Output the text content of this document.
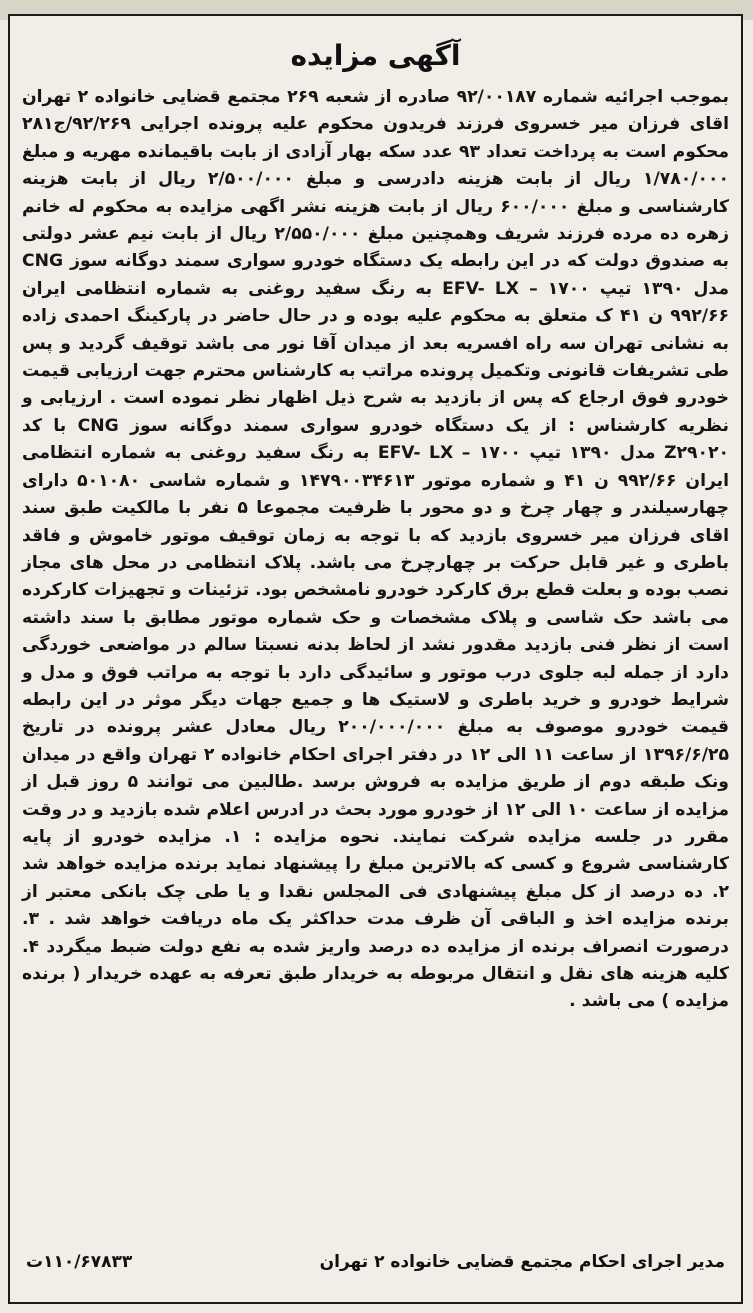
آگهی مزایده
بموجب اجرائیه شماره ۹۲/۰۰۱۸۷ صادره از شعبه ۲۶۹ مجتمع قضایی خانواده ۲ تهران اقای فرزان میر خسروی فرزند فریدون محکوم علیه پرونده اجرایی ۹۲/۲۶۹/ج۲۸۱ محکوم است به پرداخت تعداد ۹۳ عدد سکه بهار آزادی از بابت باقیمانده مهریه و مبلغ ۱/۷۸۰/۰۰۰ ریال از بابت هزینه دادرسی و مبلغ ۲/۵۰۰/۰۰۰ ریال از بابت هزینه کارشناسی و مبلغ ۶۰۰/۰۰۰ ریال از بابت هزینه نشر اگهی مزایده به محکوم له خانم زهره ده مرده فرزند شریف وهمچنین مبلغ ۲/۵۵۰/۰۰۰ ریال از بابت نیم عشر دولتی به صندوق دولت که در این رابطه یک دستگاه خودرو سواری سمند دوگانه سوز CNG مدل ۱۳۹۰ تیپ EFV- LX – ۱۷۰۰ به رنگ سفید روغنی به شماره انتظامی ایران ۹۹۲/۶۶ ن ۴۱ ک متعلق به محکوم علیه بوده و در حال حاضر در پارکینگ احمدی زاده به نشانی تهران سه راه افسریه بعد از میدان آقا نور می باشد توقیف گردید و پس طی تشریفات قانونی وتکمیل پرونده مراتب به کارشناس محترم جهت ارزیابی قیمت خودرو فوق ارجاع که پس از بازدید به شرح ذیل اظهار نظر نموده است . ارزیابی و نظریه کارشناس : از یک دستگاه خودرو سواری سمند دوگانه سوز CNG با کد Z۲۹۰۲۰ مدل ۱۳۹۰ تیپ EFV- LX – ۱۷۰۰ به رنگ سفید روغنی به شماره انتظامی ایران ۹۹۲/۶۶ ن ۴۱ و شماره موتور ۱۴۷۹۰۰۳۴۶۱۳ و شماره شاسی ۵۰۱۰۸۰ دارای چهارسیلندر و چهار چرخ و دو محور با ظرفیت مجموعا ۵ نفر با مالکیت طبق سند اقای فرزان میر خسروی بازدید که با توجه به زمان توقیف موتور خاموش و فاقد باطری و غیر قابل حرکت بر چهارچرخ می باشد. پلاک انتظامی در محل های مجاز نصب بوده و بعلت قطع برق کارکرد خودرو نامشخص بود. تزئینات و تجهیزات کارکرده می باشد حک شاسی و پلاک مشخصات و حک شماره موتور مطابق با سند داشته است از نظر فنی بازدید مقدور نشد از لحاظ بدنه نسبتا سالم در مواضعی خوردگی دارد از جمله لبه جلوی درب موتور و سائیدگی دارد با توجه به مراتب فوق و مدل و شرایط خودرو و خرید باطری و لاستیک ها و جمیع جهات دیگر موثر در این رابطه قیمت خودرو موصوف به مبلغ ۲۰۰/۰۰۰/۰۰۰ ریال معادل عشر پرونده در تاریخ ۱۳۹۶/۶/۲۵ از ساعت ۱۱ الی ۱۲ در دفتر اجرای احکام خانواده ۲ تهران واقع در میدان ونک طبقه دوم از طریق مزایده به فروش برسد .طالبین می توانند ۵ روز قبل از مزایده از ساعت ۱۰ الی ۱۲ از خودرو مورد بحث در ادرس اعلام شده بازدید و در وقت مقرر در جلسه مزایده شرکت نمایند. نحوه مزایده : ۱. مزایده خودرو از پایه کارشناسی شروع و کسی که بالاترین مبلغ را پیشنهاد نماید برنده مزایده خواهد شد ۲. ده درصد از کل مبلغ پیشنهادی فی المجلس نقدا و یا طی چک بانکی معتبر از برنده مزایده اخذ و الباقی آن ظرف مدت حداکثر یک ماه دریافت خواهد شد . ۳. درصورت انصراف برنده از مزایده ده درصد واریز شده به نفع دولت ضبط میگردد ۴. کلیه هزینه های نقل و انتقال مربوطه به خریدار طبق تعرفه به عهده خریدار ( برنده مزایده ) می باشد .
مدیر اجرای احکام مجتمع قضایی خانواده ۲ تهران
۱۱۰/۶۷۸۳۳ت
